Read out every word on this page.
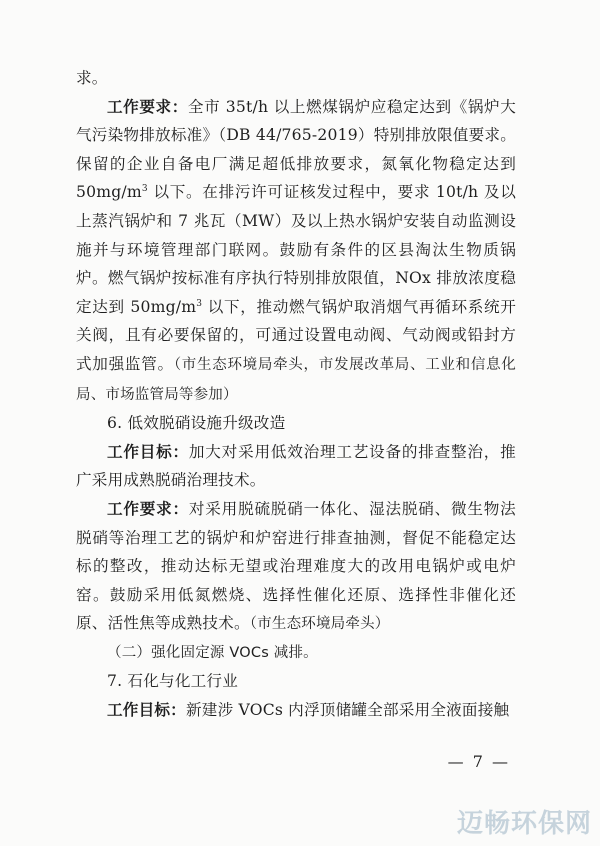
求。

工作要求：全市 35t/h 以上燃煤锅炉应稳定达到《锅炉大气污染物排放标准》（DB 44/765-2019）特别排放限值要求。保留的企业自备电厂满足超低排放要求，氮氧化物稳定达到 $50mg/m^3$ 以下。在排污许可证核发过程中，要求 10t/h 及以上蒸汽锅炉和 7 兆瓦（MW）及以上热水锅炉安装自动监测设施并与环境管理部门联网。鼓励有条件的区县淘汰生物质锅炉。燃气锅炉按标准有序执行特别排放限值，NOx 排放浓度稳定达到 $50mg/m^3$ 以下，推动燃气锅炉取消烟气再循环系统开关阀，且有必要保留的，可通过设置电动阀、气动阀或铅封方式加强监管。（市生态环境局牵头，市发展改革局、工业和信息化局、市场监管局等参加）

6. 低效脱硝设施升级改造

工作目标：加大对采用低效治理工艺设备的排查整治，推广采用成熟脱硝治理技术。

工作要求：对采用脱硫脱硝一体化、湿法脱硝、微生物法脱硝等治理工艺的锅炉和炉窑进行排查抽测，督促不能稳定达标的整改，推动达标无望或治理难度大的改用电锅炉或电炉窑。鼓励采用低氮燃烧、选择性催化还原、选择性非催化还原、活性焦等成熟技术。（市生态环境局牵头）

（二）强化固定源 VOCs 减排。

7. 石化与化工行业

工作目标：新建涉 VOCs 内浮顶储罐全部采用全液面接触

— 7 —
迈畅环保网
